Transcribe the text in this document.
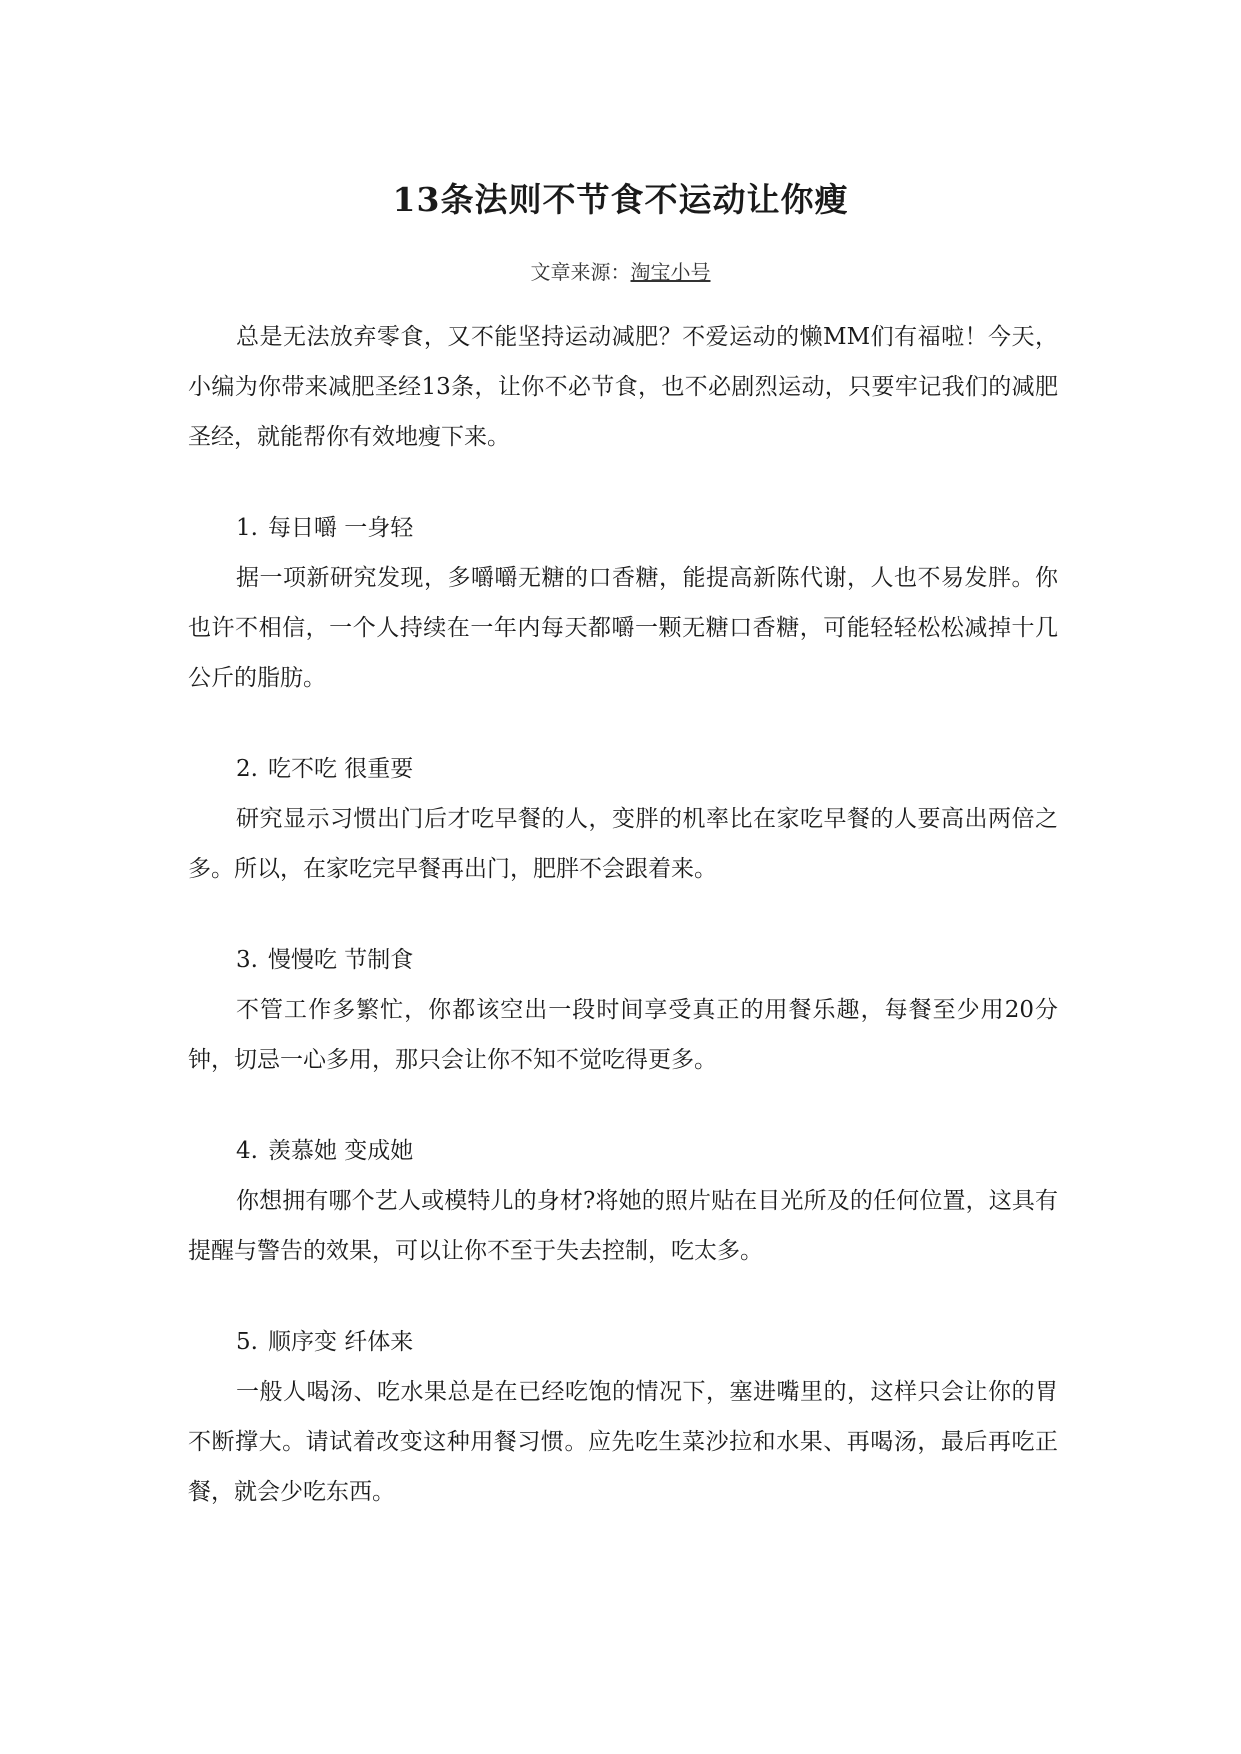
13条法则不节食不运动让你瘦
文章来源：淘宝小号

总是无法放弃零食，又不能坚持运动减肥？不爱运动的懒MM们有福啦！今天，小编为你带来减肥圣经13条，让你不必节食，也不必剧烈运动，只要牢记我们的减肥圣经，就能帮你有效地瘦下来。

1. 每日嚼 一身轻

据一项新研究发现，多嚼嚼无糖的口香糖，能提高新陈代谢，人也不易发胖。你也许不相信，一个人持续在一年内每天都嚼一颗无糖口香糖，可能轻轻松松减掉十几公斤的脂肪。

2. 吃不吃 很重要

研究显示习惯出门后才吃早餐的人，变胖的机率比在家吃早餐的人要高出两倍之多。所以，在家吃完早餐再出门，肥胖不会跟着来。

3. 慢慢吃 节制食

不管工作多繁忙，你都该空出一段时间享受真正的用餐乐趣，每餐至少用20分钟，切忌一心多用，那只会让你不知不觉吃得更多。

4. 羡慕她 变成她

你想拥有哪个艺人或模特儿的身材?将她的照片贴在目光所及的任何位置，这具有提醒与警告的效果，可以让你不至于失去控制，吃太多。

5. 顺序变 纤体来

一般人喝汤、吃水果总是在已经吃饱的情况下，塞进嘴里的，这样只会让你的胃不断撑大。请试着改变这种用餐习惯。应先吃生菜沙拉和水果、再喝汤，最后再吃正餐，就会少吃东西。
